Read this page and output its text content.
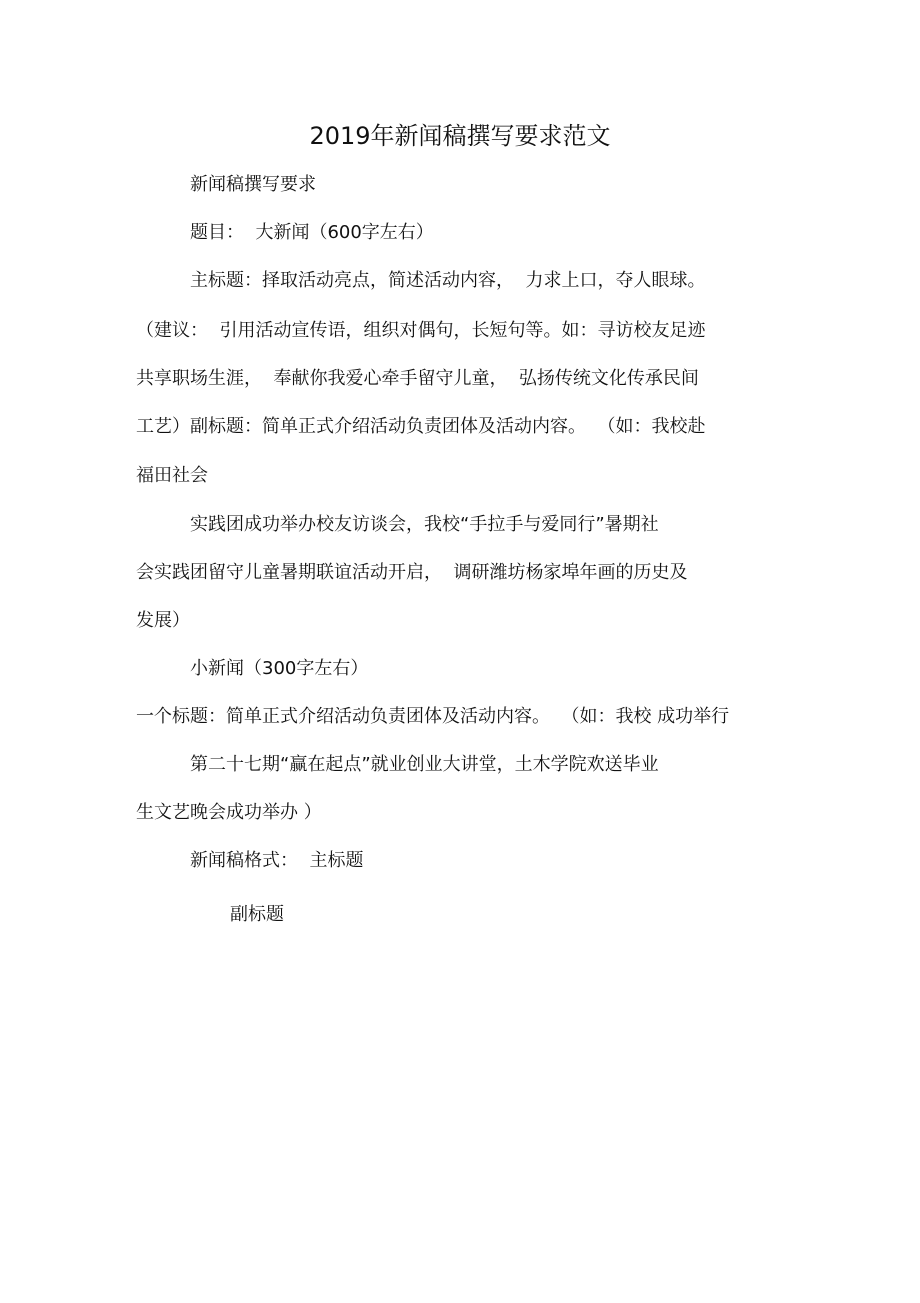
2019年新闻稿撰写要求范文
新闻稿撰写要求
题目：  大新闻（600字左右）
主标题：择取活动亮点，简述活动内容，  力求上口，夺人眼球。
（建议：  引用活动宣传语，组织对偶句，长短句等。如：寻访校友足迹
共享职场生涯，  奉献你我爱心牵手留守儿童，  弘扬传统文化传承民间
工艺）副标题：简单正式介绍活动负责团体及活动内容。  （如：我校赴
福田社会
实践团成功举办校友访谈会，我校“手拉手与爱同行”暑期社
会实践团留守儿童暑期联谊活动开启，  调研潍坊杨家埠年画的历史及
发展）
小新闻（300字左右）
一个标题：简单正式介绍活动负责团体及活动内容。  （如：我校 成功举行
第二十七期“赢在起点”就业创业大讲堂，土木学院欢送毕业
生文艺晚会成功举办 ）
新闻稿格式：  主标题
副标题
